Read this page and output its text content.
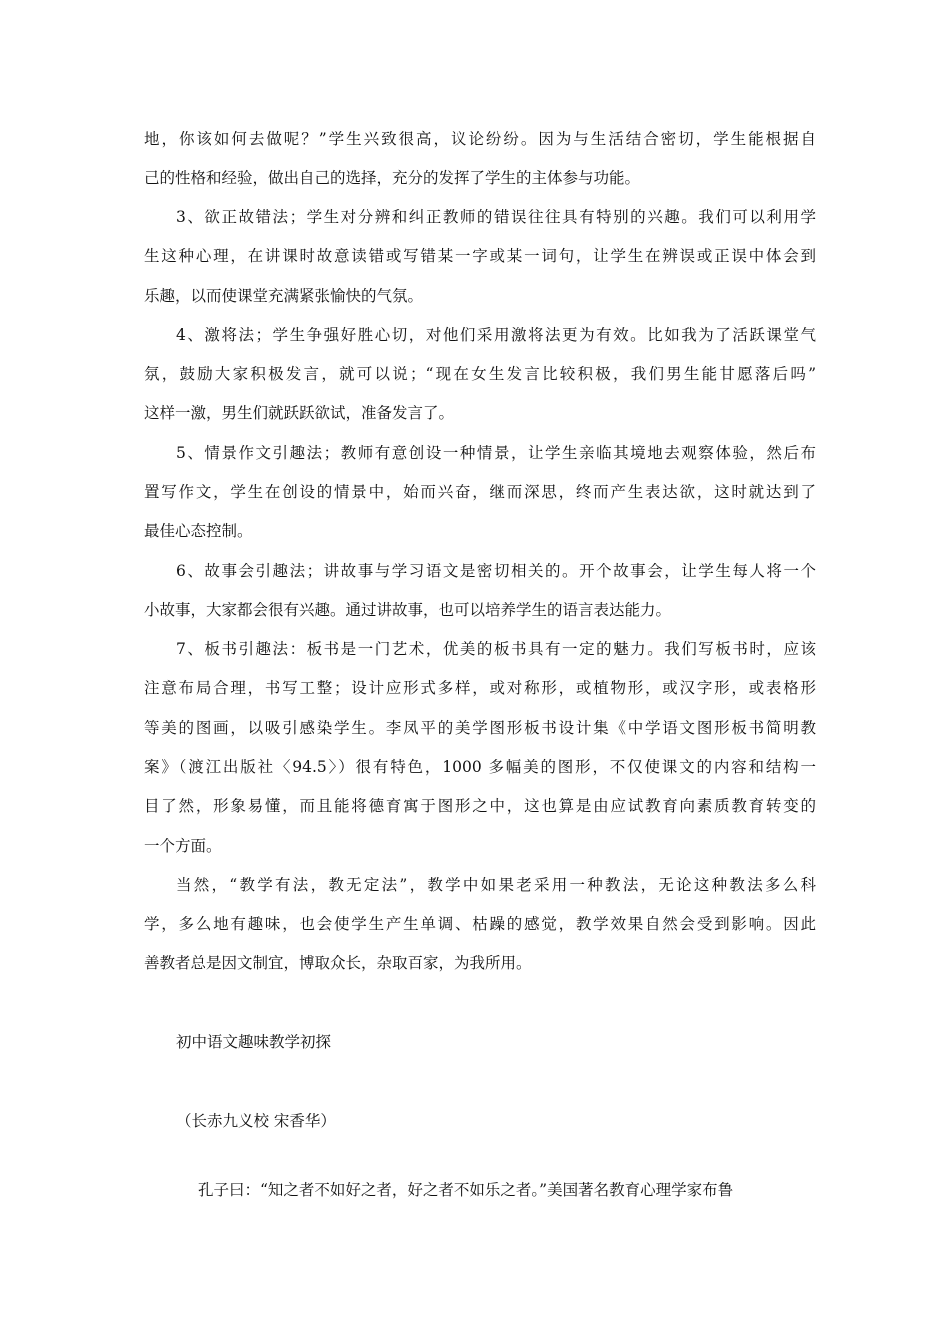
地，你该如何去做呢？”学生兴致很高，议论纷纷。因为与生活结合密切，学生能根据自
己的性格和经验，做出自己的选择，充分的发挥了学生的主体参与功能。
3、欲正故错法；学生对分辨和纠正教师的错误往往具有特别的兴趣。我们可以利用学
生这种心理，在讲课时故意读错或写错某一字或某一词句，让学生在辨误或正误中体会到
乐趣，以而使课堂充满紧张愉快的气氛。
4、激将法；学生争强好胜心切，对他们采用激将法更为有效。比如我为了活跃课堂气
氛，鼓励大家积极发言，就可以说；“现在女生发言比较积极，我们男生能甘愿落后吗”
这样一激，男生们就跃跃欲试，准备发言了。
5、情景作文引趣法；教师有意创设一种情景，让学生亲临其境地去观察体验，然后布
置写作文，学生在创设的情景中，始而兴奋，继而深思，终而产生表达欲，这时就达到了
最佳心态控制。
6、故事会引趣法；讲故事与学习语文是密切相关的。开个故事会，让学生每人将一个
小故事，大家都会很有兴趣。通过讲故事，也可以培养学生的语言表达能力。
7、板书引趣法：板书是一门艺术，优美的板书具有一定的魅力。我们写板书时，应该
注意布局合理，书写工整；设计应形式多样，或对称形，或植物形，或汉字形，或表格形
等美的图画，以吸引感染学生。李凤平的美学图形板书设计集《中学语文图形板书简明教
案》（渡江出版社〈94.5〉）很有特色，1000 多幅美的图形，不仅使课文的内容和结构一
目了然，形象易懂，而且能将德育寓于图形之中，这也算是由应试教育向素质教育转变的
一个方面。
当然，“教学有法，教无定法”，教学中如果老采用一种教法，无论这种教法多么科
学，多么地有趣味，也会使学生产生单调、枯躁的感觉，教学效果自然会受到影响。因此
善教者总是因文制宜，博取众长，杂取百家，为我所用。
初中语文趣味教学初探
（长赤九义校 宋香华）
孔子曰：“知之者不如好之者，好之者不如乐之者。”美国著名教育心理学家布鲁
